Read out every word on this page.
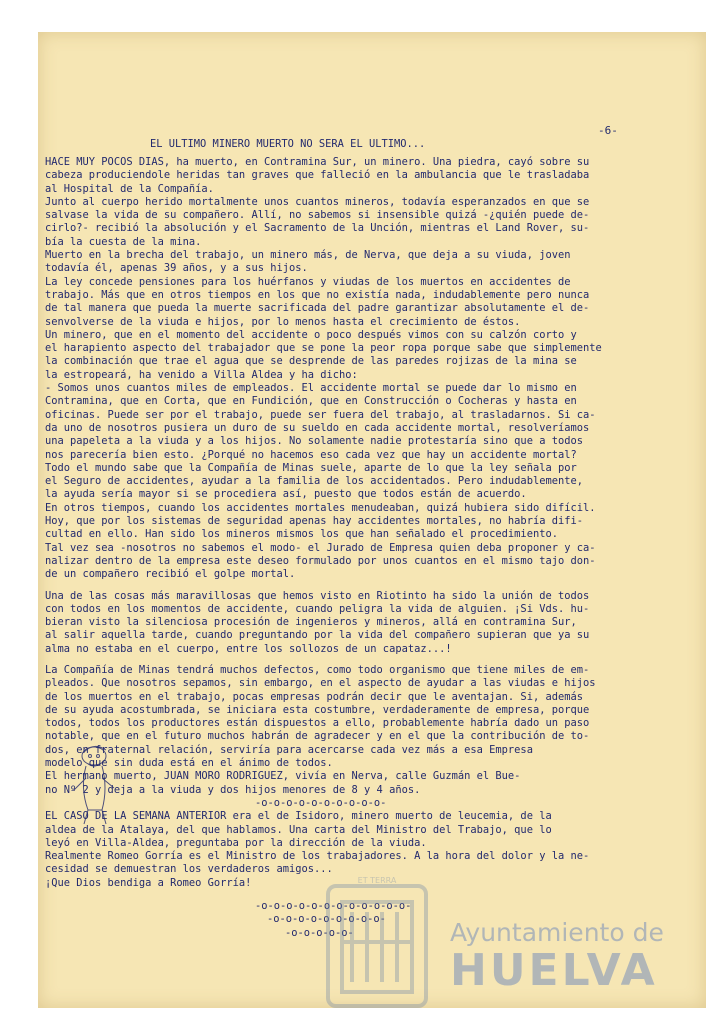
-6-
EL ULTIMO MINERO MUERTO NO SERA EL ULTIMO...
HACE MUY POCOS DIAS, ha muerto, en Contramina Sur, un minero. Una piedra, cayó sobre su
cabeza produciendole heridas tan graves que falleció en la ambulancia que le trasladaba
al Hospital de la Compañía.
Junto al cuerpo herido mortalmente unos cuantos mineros, todavía esperanzados en que se
salvase la vida de su compañero. Allí, no sabemos si insensible quizá -¿quién puede de-
cirlo?- recibió la absolución y el Sacramento de la Unción, mientras el Land Rover, su-
bía la cuesta de la mina.
Muerto en la brecha del trabajo, un minero más, de Nerva, que deja a su viuda, joven
todavía él, apenas 39 años, y a sus hijos.
La ley concede pensiones para los huérfanos y viudas de los muertos en accidentes de
trabajo. Más que en otros tiempos en los que no existía nada, indudablemente pero nunca
de tal manera que pueda la muerte sacrificada del padre garantizar absolutamente el de-
senvolverse de la viuda e hijos, por lo menos hasta el crecimiento de éstos.
Un minero, que en el momento del accidente o poco después vimos con su calzón corto y
el harapiento aspecto del trabajador que se pone la peor ropa porque sabe que simplemente
la combinación que trae el agua que se desprende de las paredes rojizas de la mina se
la estropeará, ha venido a Villa Aldea y ha dicho:
- Somos unos cuantos miles de empleados. El accidente mortal se puede dar lo mismo en
Contramina, que en Corta, que en Fundición, que en Construcción o Cocheras y hasta en
oficinas. Puede ser por el trabajo, puede ser fuera del trabajo, al trasladarnos. Si ca-
da uno de nosotros pusiera un duro de su sueldo en cada accidente mortal, resolveríamos
una papeleta a la viuda y a los hijos. No solamente nadie protestaría sino que a todos
nos parecería bien esto. ¿Porqué no hacemos eso cada vez que hay un accidente mortal?
Todo el mundo sabe que la Compañía de Minas suele, aparte de lo que la ley señala por
el Seguro de accidentes, ayudar a la familia de los accidentados. Pero indudablemente,
la ayuda sería mayor si se procediera así, puesto que todos están de acuerdo.
En otros tiempos, cuando los accidentes mortales menudeaban, quizá hubiera sido difícil.
Hoy, que por los sistemas de seguridad apenas hay accidentes mortales, no habría difi-
cultad en ello. Han sido los mineros mismos los que han señalado el procedimiento.
Tal vez sea -nosotros no sabemos el modo- el Jurado de Empresa quien deba proponer y ca-
nalizar dentro de la empresa este deseo formulado por unos cuantos en el mismo tajo don-
de un compañero recibió el golpe mortal.
Una de las cosas más maravillosas que hemos visto en Riotinto ha sido la unión de todos
con todos en los momentos de accidente, cuando peligra la vida de alguien. ¡Si Vds. hu-
bieran visto la silenciosa procesión de ingenieros y mineros, allá en contramina Sur,
al salir aquella tarde, cuando preguntando por la vida del compañero supieran que ya su
alma no estaba en el cuerpo, entre los sollozos de un capataz...!
La Compañía de Minas tendrá muchos defectos, como todo organismo que tiene miles de em-
pleados. Que nosotros sepamos, sin embargo, en el aspecto de ayudar a las viudas e hijos
de los muertos en el trabajo, pocas empresas podrán decir que le aventajan. Si, además
de su ayuda acostumbrada, se iniciara esta costumbre, verdaderamente de empresa, porque
todos, todos los productores están dispuestos a ello, probablemente habría dado un paso
notable, que en el futuro muchos habrán de agradecer y en el que la contribución de to-
dos, en fraternal relación, serviría para acercarse cada vez más a esa Empresa
modelo que sin duda está en el ánimo de todos.
El hermano muerto, JUAN MORO RODRIGUEZ, vivía en Nerva, calle Guzmán el Bue-
no Nº 2 y deja a la viuda y dos hijos menores de 8 y 4 años.
-o-o-o-o-o-o-o-o-o-o-
EL CASO DE LA SEMANA ANTERIOR era el de Isidoro, minero muerto de leucemia, de la
aldea de la Atalaya, del que hablamos. Una carta del Ministro del Trabajo, que lo
leyó en Villa-Aldea, preguntaba por la dirección de la viuda.
Realmente Romeo Gorría es el Ministro de los trabajadores. A la hora del dolor y la ne-
cesidad se demuestran los verdaderos amigos...
¡Que Dios bendiga a Romeo Gorría!
-o-o-o-o-o-o-o-o-o-o-o-o-
-o-o-o-o-o-o-o-o-o-
-o-o-o-o-o-
ET TERRA
Ayuntamiento de
HUELVA
